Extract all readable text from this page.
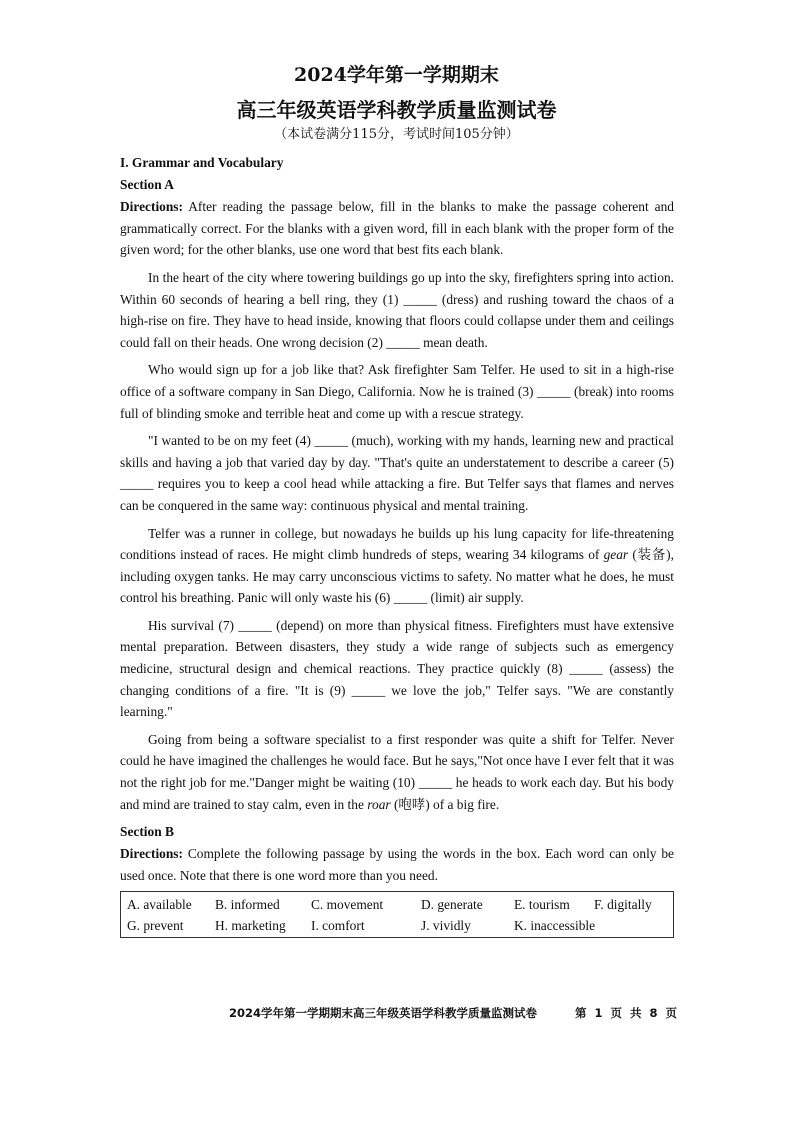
2024学年第一学期期末
高三年级英语学科教学质量监测试卷
（本试卷满分115分，考试时间105分钟）
I. Grammar and Vocabulary
Section A

Directions: After reading the passage below, fill in the blanks to make the passage coherent and grammatically correct. For the blanks with a given word, fill in each blank with the proper form of the given word; for the other blanks, use one word that best fits each blank.

In the heart of the city where towering buildings go up into the sky, firefighters spring into action. Within 60 seconds of hearing a bell ring, they (1) _____ (dress) and rushing toward the chaos of a high-rise on fire. They have to head inside, knowing that floors could collapse under them and ceilings could fall on their heads. One wrong decision (2) _____ mean death.

Who would sign up for a job like that? Ask firefighter Sam Telfer. He used to sit in a high-rise office of a software company in San Diego, California. Now he is trained (3) _____ (break) into rooms full of blinding smoke and terrible heat and come up with a rescue strategy.

"I wanted to be on my feet (4) _____ (much), working with my hands, learning new and practical skills and having a job that varied day by day. "That's quite an understatement to describe a career (5) _____ requires you to keep a cool head while attacking a fire. But Telfer says that flames and nerves can be conquered in the same way: continuous physical and mental training.

Telfer was a runner in college, but nowadays he builds up his lung capacity for life-threatening conditions instead of races. He might climb hundreds of steps, wearing 34 kilograms of gear (装备), including oxygen tanks. He may carry unconscious victims to safety. No matter what he does, he must control his breathing. Panic will only waste his (6) _____ (limit) air supply.

His survival (7) _____ (depend) on more than physical fitness. Firefighters must have extensive mental preparation. Between disasters, they study a wide range of subjects such as emergency medicine, structural design and chemical reactions. They practice quickly (8) _____ (assess) the changing conditions of a fire. "It is (9) _____ we love the job," Telfer says. "We are constantly learning."

Going from being a software specialist to a first responder was quite a shift for Telfer. Never could he have imagined the challenges he would face. But he says,"Not once have I ever felt that it was not the right job for me."Danger might be waiting (10) _____ he heads to work each day. But his body and mind are trained to stay calm, even in the roar (咆哮) of a big fire.

Section B

Directions: Complete the following passage by using the words in the box. Each word can only be used once. Note that there is one word more than you need.

A. available	B. informed	C. movement	D. generate	E. tourism	F. digitally
G. prevent	H. marketing	I. comfort	J. vividly	K. inaccessible
2024学年第一学期期末高三年级英语学科教学质量监测试卷	第 1 页 共 8 页
